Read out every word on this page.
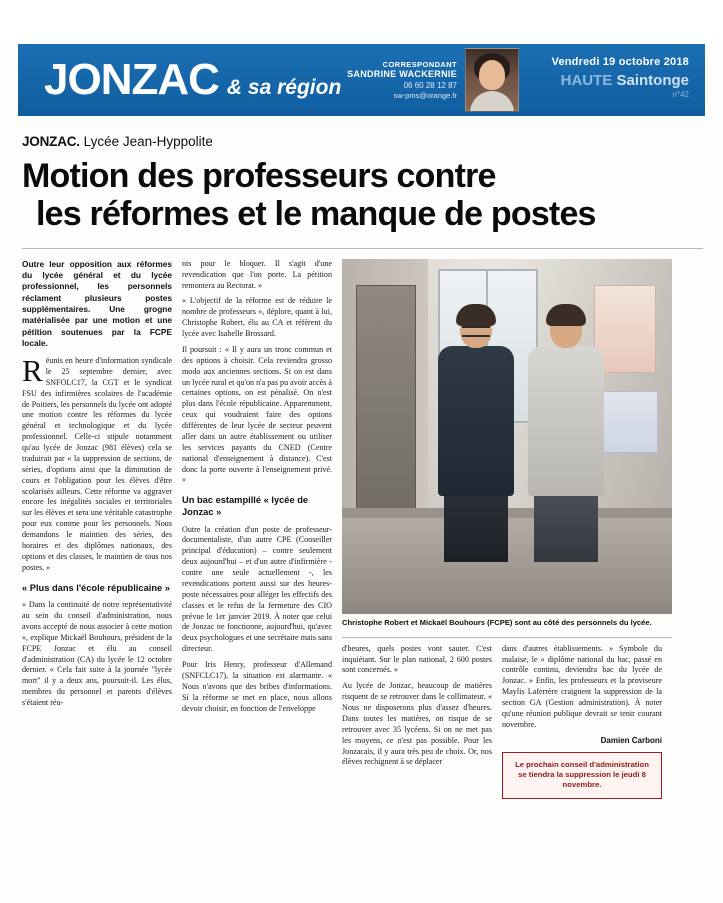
JONZAC & sa région
CORRESPONDANT
SANDRINE WACKERNIE
06 60 28 12 87
sw-pms@orange.fr
Vendredi 19 octobre 2018
HAUTE Saintonge
n°42
JONZAC. Lycée Jean-Hyppolite
Motion des professeurs contre
les réformes et le manque de postes

Outre leur opposition aux réformes du lycée général et du lycée professionnel, les personnels réclament plusieurs postes supplémentaires. Une grogne matérialisée par une motion et une pétition soutenues par la FCPE locale.

Réunis en heure d'information syndicale le 25 septembre dernier, avec SNFOLC17, la CGT et le syndicat FSU des infirmières scolaires de l'académie de Poitiers, les personnels du lycée ont adopté une motion contre les réformes du lycée général et technologique et du lycée professionnel. Celle-ci stipule notamment qu'au lycée de Jonzac (981 élèves) cela se traduirait par « la suppression de sections, de séries, d'options ainsi que la diminution de cours et l'obligation pour les élèves d'être scolarisés ailleurs. Cette réforme va aggraver encore les inégalités sociales et territoriales sur les élèves et sera une véritable catastrophe pour eux comme pour les personnels. Nous demandons le maintien des séries, des horaires et des diplômes nationaux, des options et des classes, le maintien de tous nos postes. »

« Plus dans l'école républicaine »

« Dans la continuité de notre représentativité au sein du conseil d'administration, nous avons accepté de nous associer à cette motion », explique Mickaël Bouhours, président de la FCPE Jonzac et élu au conseil d'administration (CA) du lycée le 12 octobre dernier. « Cela fait suite à la journée "lycée mort" il y a deux ans, poursuit-il. Les élus, membres du personnel et parents d'élèves s'étaient réu-

nis pour le bloquer. Il s'agit d'une revendication que l'on porte. La pétition remontera au Rectorat. »

« L'objectif de la réforme est de réduire le nombre de professeurs », déplore, quant à lui, Christophe Robert, élu au CA et référent du lycée avec Isabelle Brossard.

Il poursuit : « Il y aura un tronc commun et des options à choisir. Cela reviendra grosso modo aux anciennes sections. Si on est dans un lycée rural et qu'on n'a pas pu avoir accès à certaines options, on est pénalisé. On n'est plus dans l'école républicaine. Apparemment, ceux qui voudraient faire des options différentes de leur lycée de secteur peuvent aller dans un autre établissement ou utiliser les services payants du CNED (Centre national d'enseignement à distance). C'est donc la porte ouverte à l'enseignement privé. »

Un bac estampillé « lycée de Jonzac »

Outre la création d'un poste de professeur-documentaliste, d'un autre CPE (Conseiller principal d'éducation) – contre seulement deux aujourd'hui – et d'un autre d'infirmière - contre une seule actuellement -, les revendications portent aussi sur des heures-poste nécessaires pour alléger les effectifs des classes et le refus de la fermeture des CIO prévue le 1er janvier 2019. À noter que celui de Jonzac ne fonctionne, aujourd'hui, qu'avec deux psychologues et une secrétaire mais sans directeur.

Pour Iris Henry, professeur d'Allemand (SNFCLC17), la situation est alarmante. « Nous n'avons que des bribes d'informations. Si la réforme se met en place, nous allons devoir choisir, en fonction de l'enveloppe

Christophe Robert et Mickaël Bouhours (FCPE) sont au côté des personnels du lycée.

d'heures, quels postes vont sauter. C'est inquiétant. Sur le plan national, 2 600 postes sont concernés. »

Au lycée de Jonzac, beaucoup de matières risquent de se retrouver dans le collimateur. « Nous ne disposerons plus d'assez d'heures. Dans toutes les matières, on risque de se retrouver avec 35 lycéens. Si on ne met pas les moyens, ce n'est pas possible. Pour les Jonzacais, il y aura très peu de choix. Or, nos élèves rechignent à se déplacer

dans d'autres établissements. » Symbole du malaise, le « diplôme national du bac, passé en contrôle continu, deviendra bac du lycée de Jonzac. » Enfin, les professeurs et la proviseure Maylis Laferrère craignent la suppression de la section GA (Gestion administration). À noter qu'une réunion publique devrait se tenir courant novembre.

Damien Carboni

Le prochain conseil d'administration

se tiendra la suppression le jeudi 8 novembre.
